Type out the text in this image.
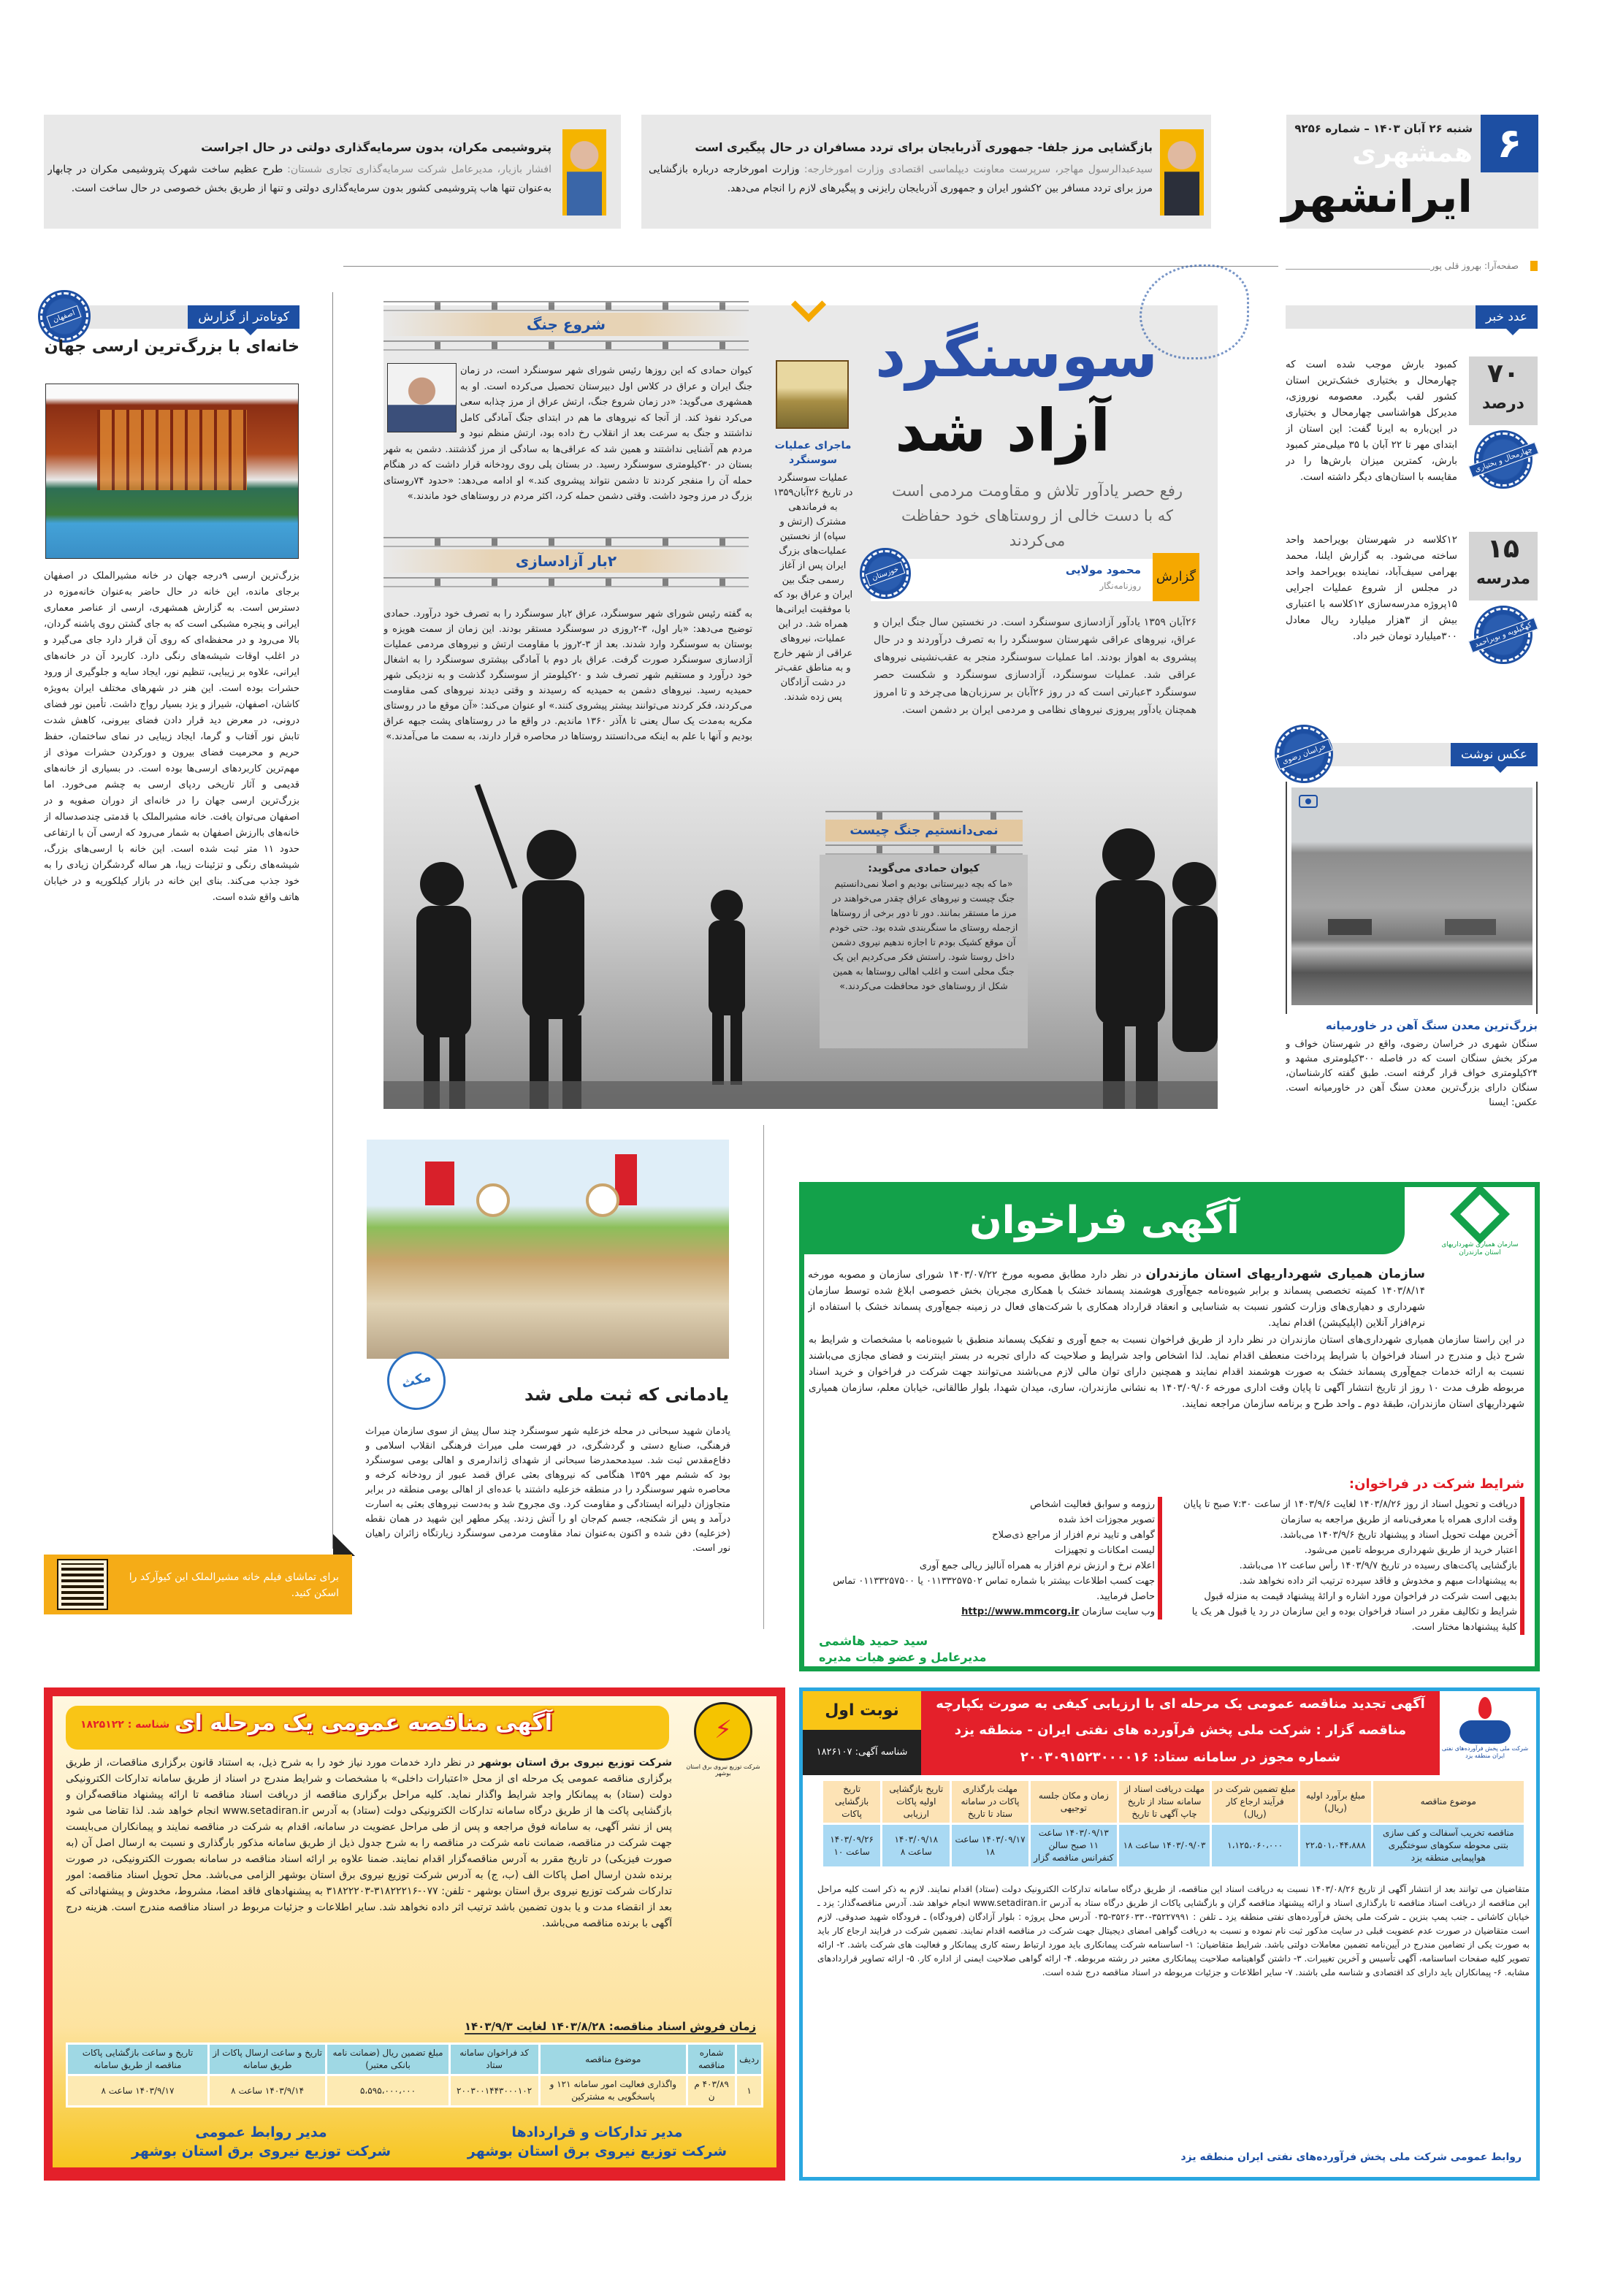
بازگشایی مرز جلفا- جمهوری آذربایجان برای تردد مسافران در حال پیگیری است
سیدعبدالرسول مهاجر، سرپرست معاونت دیپلماسی اقتصادی وزارت امورخارجه: وزارت امورخارجه درباره بازگشایی مرز برای تردد مسافر بین ۲کشور ایران و جمهوری آذربایجان رایزنی و پیگیرهای لازم را انجام می‌دهد.
پتروشیمی مکران، بدون سرمایه‌گذاری دولتی در حال اجراست
افشار بازیار، مدیرعامل شرکت سرمایه‌گذاری تجاری شستان: طرح عظیم ساخت شهرک پتروشیمی مکران در چابهار به‌عنوان تنها هاب پتروشیمی کشور بدون سرمایه‌گذاری دولتی و تنها از طریق بخش خصوصی در حال ساخت است.
۶
شنبه ۲۶ آبان ۱۴۰۳ – شماره ۹۲۵۶
همشهری
ایرانشهر
صفحه‌آرا: بهروز قلی پور
عدد خبر
۷۰
درصد
چهارمحال و بختیاری
کمبود بارش موجب شده است که چهارمحال و بختیاری خشک‌ترین استان کشور لقب بگیرد. معصومه نوروزی، مدیرکل هواشناسی چهارمحال و بختیاری در این‌باره به ایرنا گفت: این استان از ابتدای مهر تا ۲۲ آبان با ۳۵ میلی‌متر کمبود بارش، کمترین میزان بارش‌ها را در مقایسه با استان‌های دیگر داشته است.
۱۵
مدرسه
کهگیلویه و بویراحمد
۱۲کلاسه در شهرستان بویراحمد واحد ساخته می‌شود. به گزارش ایلنا، محمد بهرامی سیف‌آباد، نماینده بویراحمد واحد در مجلس از شروع عملیات اجرایی ۱۵پروژه مدرسه‌سازی ۱۲کلاسه با اعتباری بیش از ۳هزار میلیارد ریال معادل ۳۰۰میلیارد تومان خبر داد.
عکس نوشت
خراسان رضوی
بزرگ‌ترین معدن سنگ آهن در خاورمیانه
سنگان شهری در خراسان رضوی، واقع در شهرستان خواف و مرکز بخش سنگان است که در فاصله ۳۰۰کیلومتری مشهد و ۲۴کیلومتری خواف قرار گرفته است. طبق گفته کارشناسان، سنگان دارای بزرگ‌ترین معدن سنگ آهن در خاورمیانه است. عکس: ایسنا
سوسنگرد
آزاد شد
رفع حصر یادآور تلاش و مقاومت مردمی است که با دست خالی از روستاهای خود حفاظت می‌کردند
گزارش
محمود مولایی
روزنامه‌نگار
خوزستان
۲۶آبان ۱۳۵۹ یادآور آزادسازی سوسنگرد است. در نخستین سال جنگ ایران و عراق، نیروهای عراقی شهرستان سوسنگرد را به تصرف درآوردند و در حال پیشروی به اهواز بودند. اما عملیات سوسنگرد منجر به عقب‌نشینی نیروهای عراقی شد. عملیات سوسنگرد، آزادسازی سوسنگرد و شکست حصر سوسنگرد ۳عبارتی است که در روز ۲۶آبان بر سرزبان‌ها می‌چرخد و تا امروز همچنان یادآور پیروزی نیروهای نظامی و مردمی ایران بر دشمن است.
ماجرای عملیات سوسنگرد
عملیات سوسنگرد در تاریخ ۲۶آبان۱۳۵۹ به فرماندهی مشترک (ارتش و سپاه) از نخستین عملیات‌های بزرگ ایران پس از آغاز رسمی جنگ بین ایران و عراق بود که با موفقیت ایرانی‌ها همراه شد. در این عملیات، نیروهای عراقی از شهر خارج و به مناطق عقب‌تر در دشت آزادگان پس زده شدند.
شروع جنگ
کیوان حمادی که این روزها رئیس شورای شهر سوسنگرد است، در زمان جنگ ایران و عراق در کلاس اول دبیرستان تحصیل می‌کرده است. او به همشهری می‌گوید: «در زمان شروع جنگ، ارتش عراق از مرز چذابه سعی می‌کرد نفوذ کند. از آنجا که نیروهای ما هم در ابتدای جنگ آمادگی کامل نداشتند و جنگ به سرعت بعد از انقلاب رخ داده بود، ارتش منظم نبود و مردم هم آشنایی نداشتند و همین شد که عراقی‌ها به سادگی از مرز گذشتند. دشمن به شهر بستان در ۳۰کیلومتری سوسنگرد رسید. در بستان پلی روی رودخانه قرار داشت که در هنگام حمله آن را منفجر کردند تا دشمن نتواند پیشروی کند.» او ادامه می‌دهد: «حدود ۷۴روستای بزرگ در مرز وجود داشت. وقتی دشمن حمله کرد، اکثر مردم در روستاهای خود ماندند.»
۲بار آزادسازی
به گفته رئیس شورای شهر سوسنگرد، عراق ۲بار سوسنگرد را به تصرف خود درآورد. حمادی توضیح می‌دهد: «بار اول، ۳-۲روزی در سوسنگرد مستقر بودند. این زمان از سمت هویزه و بوستان به سوسنگرد وارد شدند. بعد از ۳-۲روز با مقاومت ارتش و نیروهای مردمی عملیات آزادسازی سوسنگرد صورت گرفت. عراق بار دوم با آمادگی بیشتری سوسنگرد را به اشغال خود درآورد و مستقیم شهر تصرف شد و ۲۰کیلومتر از سوسنگرد گذشت و به نزدیکی شهر حمیدیه رسید. نیروهای دشمن به حمیدیه که رسیدند و وقتی دیدند نیروهای کمی مقاومت می‌کردند، فکر کردند می‌توانند بیشتر پیشروی کنند.» او عنوان می‌کند: «آن موقع ما در روستای مکریه به‌مدت یک سال یعنی تا ۸آذر ۱۳۶۰ ماندیم. در واقع ما در روستاهای پشت جبهه عراق بودیم و آنها با علم به اینکه می‌دانستند روستاها در محاصره قرار دارند، به سمت ما می‌آمدند.»
نمی‌دانستیم جنگ چیست
کیوان حمادی می‌گوید:
«ما که بچه دبیرستانی بودیم و اصلا نمی‌دانستیم جنگ چیست و نیروهای عراق چقدر می‌خواهند در مرز ما مستقر بمانند. دور تا دور برخی از روستاها ازجمله روستای ما سنگربندی شده بود. حتی خودم آن موقع کشیک بودم تا اجازه ندهیم نیروی دشمن داخل روستا شود. راستش فکر می‌کردیم این یک جنگ محلی است و اغلب اهالی روستاها به همین شکل از روستاهای خود محافظت می‌کردند.»
کوتاه‌تر از گزارش
اصفهان
خانه‌ای با بزرگ‌ترین ارسی جهان
بزرگ‌ترین ارسی ۹درجه جهان در خانه مشیرالملک در اصفهان برجای مانده، این خانه در حال حاضر به‌عنوان خانه‌موزه در دسترس است. به گزارش همشهری، ارسی از عناصر معماری ایرانی و پنجره مشبکی است که به جای گشتن روی پاشنه گردان، بالا می‌رود و در محفظه‌ای که روی آن قرار دارد جای می‌گیرد و در اغلب اوقات شیشه‌های رنگی دارد. کاربرد آن در خانه‌های ایرانی، علاوه بر زیبایی، تنظیم نور، ایجاد سایه و جلوگیری از ورود حشرات بوده است. این هنر در شهرهای مختلف ایران به‌ویژه کاشان، اصفهان، شیراز و یزد بسیار رواج داشت. تأمین نور فضای درونی، در معرض دید قرار دادن فضای بیرونی، کاهش شدت تابش نور آفتاب و گرما، ایجاد زیبایی در نمای ساختمان، حفظ حریم و محرمیت فضای بیرون و دورکردن حشرات موذی از مهم‌ترین کاربردهای ارسی‌ها بوده است. در بسیاری از خانه‌های قدیمی و آثار تاریخی ردپای ارسی به چشم می‌خورد. اما بزرگ‌ترین ارسی جهان را در خانه‌ای از دوران صفویه و در اصفهان می‌توان یافت. خانه مشیرالملک با قدمتی چندصدساله از خانه‌های باارزش اصفهان به شمار می‌رود که ارسی آن با ارتفاعی حدود ۱۱ متر ثبت شده است. این خانه با ارسی‌های بزرگ، شیشه‌های رنگی و تزئینات زیبا، هر ساله گردشگران زیادی را به خود جذب می‌کند. بنای این خانه در بازار کیلکوریه و در خیابان هاتف واقع شده است.
برای تماشای فیلم خانه مشیرالملک این کیوآرکد را اسکن کنید.
مکث
یادمانی که ثبت ملی شد
یادمان شهید سبحانی در محله خزعلیه شهر سوسنگرد چند سال پیش از سوی سازمان میراث فرهنگی، صنایع دستی و گردشگری، در فهرست ملی میراث فرهنگی انقلاب اسلامی و دفاع‌مقدس ثبت شد. سیدمحمدرضا سبحانی از شهدای ژاندارمری و اهالی بومی سوسنگرد بود که ششم مهر ۱۳۵۹ هنگامی که نیروهای بعثی عراق قصد عبور از رودخانه کرخه و محاصره شهر سوسنگرد را در منطقه خزعلیه داشتند با عده‌ای از اهالی بومی منطقه در برابر متجاوزان دلیرانه ایستادگی و مقاومت کرد. وی مجروح شد و به‌دست نیروهای بعثی به اسارت درآمد و پس از شکنجه، جسم کم‌جان او را آتش زدند. پیکر مطهر این شهید در همان نقطه (خزعلیه) دفن شده و اکنون به‌عنوان نماد مقاومت مردمی سوسنگرد زیارتگاه زائران راهیان نور است.
آگهی فراخوان
سازمان همیاری شهرداریهای استان مازندران
سازمان همیاری شهرداریهای استان مازندران در نظر دارد مطابق مصوبه مورخ ۱۴۰۳/۰۷/۲۲ شورای سازمان و مصوبه مورخه ۱۴۰۳/۸/۱۴ کمیته تخصصی پسماند و برابر شیوه‌نامه جمع‌آوری هوشمند پسماند خشک با همکاری مجریان بخش خصوصی ابلاغ شده توسط سازمان شهرداری و دهیاری‌های وزارت کشور نسبت به شناسایی و انعقاد قرارداد همکاری با شرکت‌های فعال در زمینه جمع‌آوری پسماند خشک با استفاده از نرم‌افزار آنلاین (اپلیکیشن) اقدام نماید.
در این راستا سازمان همیاری شهرداری‌های استان مازندران در نظر دارد از طریق فراخوان نسبت به جمع آوری و تفکیک پسماند منطبق با شیوه‌نامه با مشخصات و شرایط به شرح ذیل و مندرج در اسناد فراخوان با شرایط پرداخت منعطف اقدام نماید. لذا اشخاص واجد شرایط و صلاحیت که دارای تجربه در بستر اینترنت و فضای مجازی می‌باشند نسبت به ارائه خدمات جمع‌آوری پسماند خشک به صورت هوشمند اقدام نمایند و همچنین دارای توان مالی لازم می‌باشند می‌توانند جهت شرکت در فراخوان و خرید اسناد مربوطه ظرف مدت ۱۰ روز از تاریخ انتشار آگهی تا پایان وقت اداری مورخه ۱۴۰۳/۰۹/۰۶ به نشانی مازندران، ساری، میدان شهدا، بلوار طالقانی، خیابان معلم، سازمان همیاری شهرداریهای استان مازندران، طبقهٔ دوم ـ واحد طرح و برنامه سازمان مراجعه نمایند.
شرایط شرکت در فراخوان:
دریافت و تحویل اسناد از روز ۱۴۰۳/۸/۲۶ لغایت ۱۴۰۳/۹/۶ از ساعت ۷:۳۰ صبح تا پایان وقت اداری همراه با معرفی‌نامه از طریق مراجعه به سازمان
آخرین مهلت تحویل اسناد و پیشنهاد تاریخ ۱۴۰۳/۹/۶ می‌باشد.
اعتبار خرید از طریق شهرداری مربوطه تامین می‌شود.
بازگشایی پاکت‌های رسیده در تاریخ ۱۴۰۳/۹/۷ رأس ساعت ۱۲ می‌باشد.
به پیشنهادات مبهم و مخدوش و فاقد سپرده ترتیب اثر داده نخواهد شد.
بدیهی است شرکت در فراخوان مورد اشاره و ارائهٔ پیشنهاد قیمت به منزله قبول شرایط و تکالیف مقرر در اسناد فراخوان بوده و این سازمان در رد یا قبول هر یک یا کلیهٔ پیشنهادها مختار است.
رزومه و سوابق فعالیت اشخاص
تصویر مجوزات اخذ شده
گواهی و تایید نرم افزار از مراجع ذی‌صلاح
لیست امکانات و تجهیزات
اعلام نرخ و ارزش نرم افزار به همراه آنالیز ریالی جمع آوری
جهت کسب اطلاعات بیشتر با شماره تماس ۰۱۱۳۳۲۵۷۵۰۲ یا ۰۱۱۳۳۲۵۷۵۰۰ تماس حاصل فرمایید.
وب سایت سازمان http://www.mmcorg.ir
سید حمید هاشمی
مدیرعامل و عضو هیات مدیره
آگهی مناقصه عمومی یک مرحله ای
شناسه : ۱۸۲۵۱۲۲	⚡
شرکت توزیع نیروی برق استان بوشهر
شرکت توزیع نیروی برق استان بوشهر در نظر دارد خدمات مورد نیاز خود را به شرح ذیل، به استناد قانون برگزاری مناقصات، از طریق برگزاری مناقصه عمومی یک مرحله ای از محل «اعتبارات داخلی» با مشخصات و شرایط مندرج در اسناد از طریق سامانه تدارکات الکترونیکی دولت (ستاد) به پیمانکار واجد شرایط واگذار نماید. کلیه مراحل برگزاری مناقصه از دریافت اسناد مناقصه تا ارائه پیشنهاد مناقصه‌گران و بازگشایی پاکت ها از طریق درگاه سامانه تدارکات الکترونیکی دولت (ستاد) به آدرس www.setadiran.ir انجام خواهد شد. لذا تقاضا می شود پس از نشر آگهی، به سامانه فوق مراجعه و پس از طی مراحل عضویت در سامانه، اقدام به شرکت در مناقصه نمایند و پیمانکاران می‌بایست جهت شرکت در مناقصه، ضمانت نامه شرکت در مناقصه را به شرح جدول ذیل از طریق سامانه مذکور بارگذاری و نسبت به ارسال اصل آن (به صورت فیزیکی) در تاریخ مقرر به آدرس مناقصه‌گزار اقدام نمایند. ضمنا علاوه بر ارائه اسناد مناقصه در سامانه بصورت الکترونیکی، در صورت برنده شدن ارسال اصل پاکات الف (ب، ج) به آدرس شرکت توزیع نیروی برق استان بوشهر الزامی می‌باشد. محل تحویل اسناد مناقصه: امور تدارکات شرکت توزیع نیروی برق استان بوشهر - تلفن: ۰۷۷-۳۱۸۲۲۲۱۶-۳۱۸۲۲۲۰۳ به پیشنهادهای فاقد امضا، مشروط، مخدوش و پیشنهاداتی که بعد از انقضاء مدت و یا بدون تضمین باشد ترتیب اثر داده نخواهد شد. سایر اطلاعات و جزئیات مربوط در اسناد مناقصه مندرج است. هزینه درج آگهی با برنده مناقصه می‌باشد.
زمان فروش اسناد مناقصه: ۱۴۰۳/۸/۲۸ لغایت ۱۴۰۳/۹/۳
ردیف	شماره مناقصه	موضوع مناقصه	کد فراخوان سامانه ستاد	مبلغ تضمین ریال (ضمانت نامه بانکی معتبر)	تاریخ و ساعت ارسال پاکات از طریق سامانه	تاریخ و ساعت بازگشایی پاکات مناقصه از طریق سامانه
۱	۴۰۳/۸۹ م ن	واگذاری فعالیت امور سامانه ۱۲۱ و پاسخگویی به مشترکین	۲۰۰۳۰۰۱۴۴۳۰۰۰۱۰۲	۵،۵۹۵،۰۰۰،۰۰۰	۱۴۰۳/۹/۱۴ ساعت ۸	۱۴۰۳/۹/۱۷ ساعت ۸
مدیر تدارکات و قراردادها
شرکت توزیع نیروی برق استان بوشهر
مدیر روابط عمومی
شرکت توزیع نیروی برق استان بوشهر
آگهی تجدید مناقصه عمومی یک مرحله ای با ارزیابی کیفی به صورت یکپارچه
مناقصه گزار : شرکت ملی پخش فرآورده های نفتی ایران - منطقه یزد
شماره مجوز در سامانه ستاد: ۲۰۰۳۰۹۱۵۲۳۰۰۰۰۱۶
نوبت اول
شناسه آگهی: ۱۸۲۶۱۰۷	شرکت ملی پخش فرآورده‌های نفتی ایران منطقه یزد
موضوع مناقصه	مبلغ برآورد اولیه (ریال)	مبلغ تضمین شرکت در فرآیند ارجاع کار (ریال)	مهلت دریافت اسناد از سامانه ستاد از تاریخ چاپ آگهی تا تاریخ	زمان و مکان جلسه توجیهی	مهلت بارگذاری پاکات در سامانه ستاد تا تاریخ	تاریخ بازگشایی اولیه پاکات ارزیابی	تاریخ بازگشایی پاکات
مناقصه تخریب آسفالت و کف سازی بتنی محوطه سکوهای سوختگیری هواپیمایی منطقه یزد	۲۲،۵۰۱،۰۴۴،۸۸۸	۱،۱۲۵،۰۶۰،۰۰۰	۱۴۰۳/۰۹/۰۳ ساعت ۱۸	۱۴۰۳/۰۹/۱۳ ساعت ۱۱ صبح سالن کنفرانس مناقصه گزار	۱۴۰۳/۰۹/۱۷ ساعت ۱۸	۱۴۰۳/۰۹/۱۸ ساعت ۸	۱۴۰۳/۰۹/۲۶ ساعت ۱۰
متقاضیان می توانند بعد از انتشار آگهی از تاریخ ۱۴۰۳/۰۸/۲۶ نسبت به دریافت اسناد این مناقصه، از طریق درگاه سامانه تدارکات الکترونیک دولت (ستاد) اقدام نمایند. لازم به ذکر است کلیه مراحل این مناقصه از دریافت اسناد مناقصه تا بارگذاری اسناد و ارائه پیشنهاد مناقصه گران و بازگشایی پاکات از طریق درگاه ستاد به آدرس www.setadiran.ir انجام خواهد شد. آدرس مناقصه‌گذار: یزد ـ خیابان کاشانی ـ جنب پمپ بنزین ـ شرکت ملی پخش فرآورده‌های نفتی منطقه یزد ـ تلفن : ۳۵۲۲۷۹۹۱-۳۵۲۶۰۳۳۰-۰۳۵ آدرس محل پروژه : بلوار آزادگان (فرودگاه) ـ فرودگاه شهید صدوقی. لازم است متقاضیان در صورت عدم عضویت قبلی در سایت مذکور ثبت نام نموده و نسبت به دریافت گواهی امضای دیجیتال جهت شرکت در مناقصه اقدام نمایند. تضمین شرکت در فرایند ارجاع کار باید به صورت یکی از تضامین مندرج در آیین‌نامه تضمین معاملات دولتی باشد. شرایط متقاضیان: ۱- اساسنامه شرکت پیمانکاری باید مورد ارتباط رسته کاری پیمانکار و فعالیت های شرکت باشد. ۲- ارائه تصویر کلیه صفحات اساسنامه، آگهی تأسیس و آخرین تغییرات. ۳- داشتن گواهینامه صلاحیت پیمانکاری معتبر در رشته مربوطه. ۴- ارائه گواهی صلاحیت ایمنی از اداره کار. ۵- ارائه تصاویر قراردادهای مشابه. ۶- پیمانکاران باید دارای کد اقتصادی و شناسه ملی باشند. ۷- سایر اطلاعات و جزئیات مربوطه در اسناد مناقصه درج شده است.
روابط عمومی شرکت ملی پخش فرآورده‌های نفتی ایران منطقه یزد
